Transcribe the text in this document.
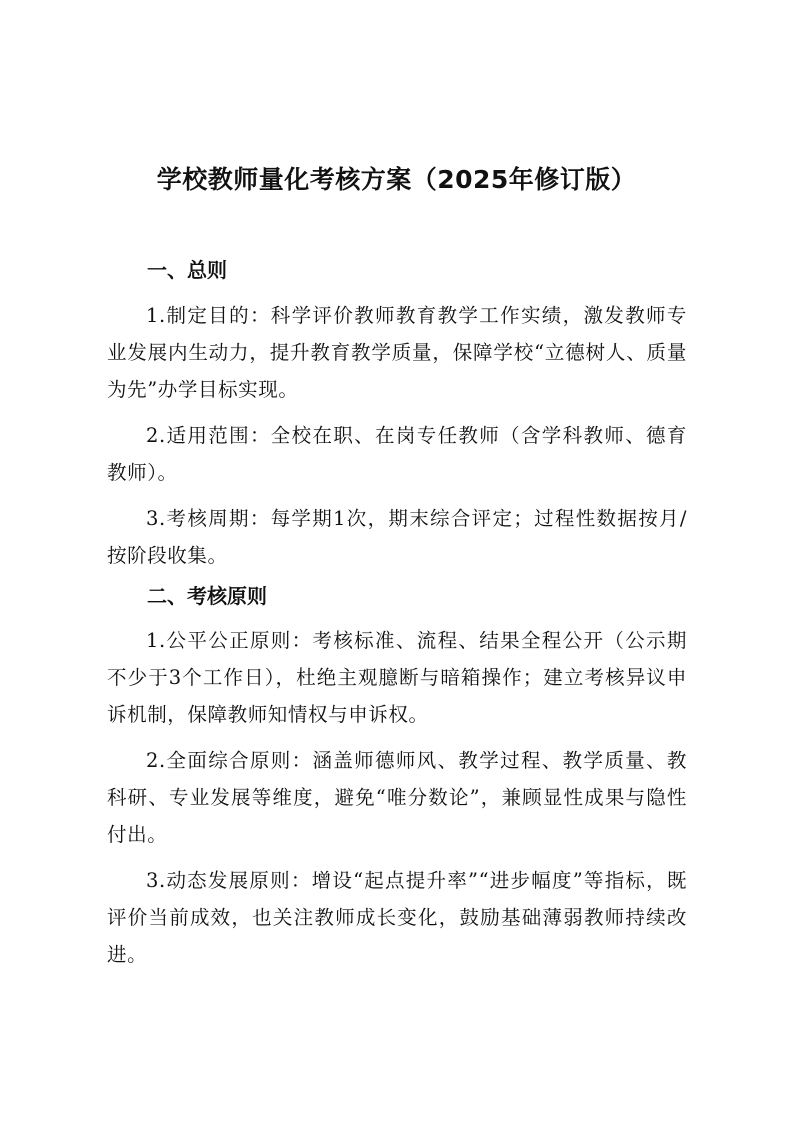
学校教师量化考核方案（2025年修订版）
一、总则

1.制定目的：科学评价教师教育教学工作实绩，激发教师专业发展内生动力，提升教育教学质量，保障学校“立德树人、质量为先”办学目标实现。

2.适用范围：全校在职、在岗专任教师（含学科教师、德育教师）。

3.考核周期：每学期1次，期末综合评定；过程性数据按月/按阶段收集。

二、考核原则

1.公平公正原则：考核标准、流程、结果全程公开（公示期不少于3个工作日），杜绝主观臆断与暗箱操作；建立考核异议申诉机制，保障教师知情权与申诉权。

2.全面综合原则：涵盖师德师风、教学过程、教学质量、教科研、专业发展等维度，避免“唯分数论”，兼顾显性成果与隐性付出。

3.动态发展原则：增设“起点提升率”“进步幅度”等指标，既评价当前成效，也关注教师成长变化，鼓励基础薄弱教师持续改进。
